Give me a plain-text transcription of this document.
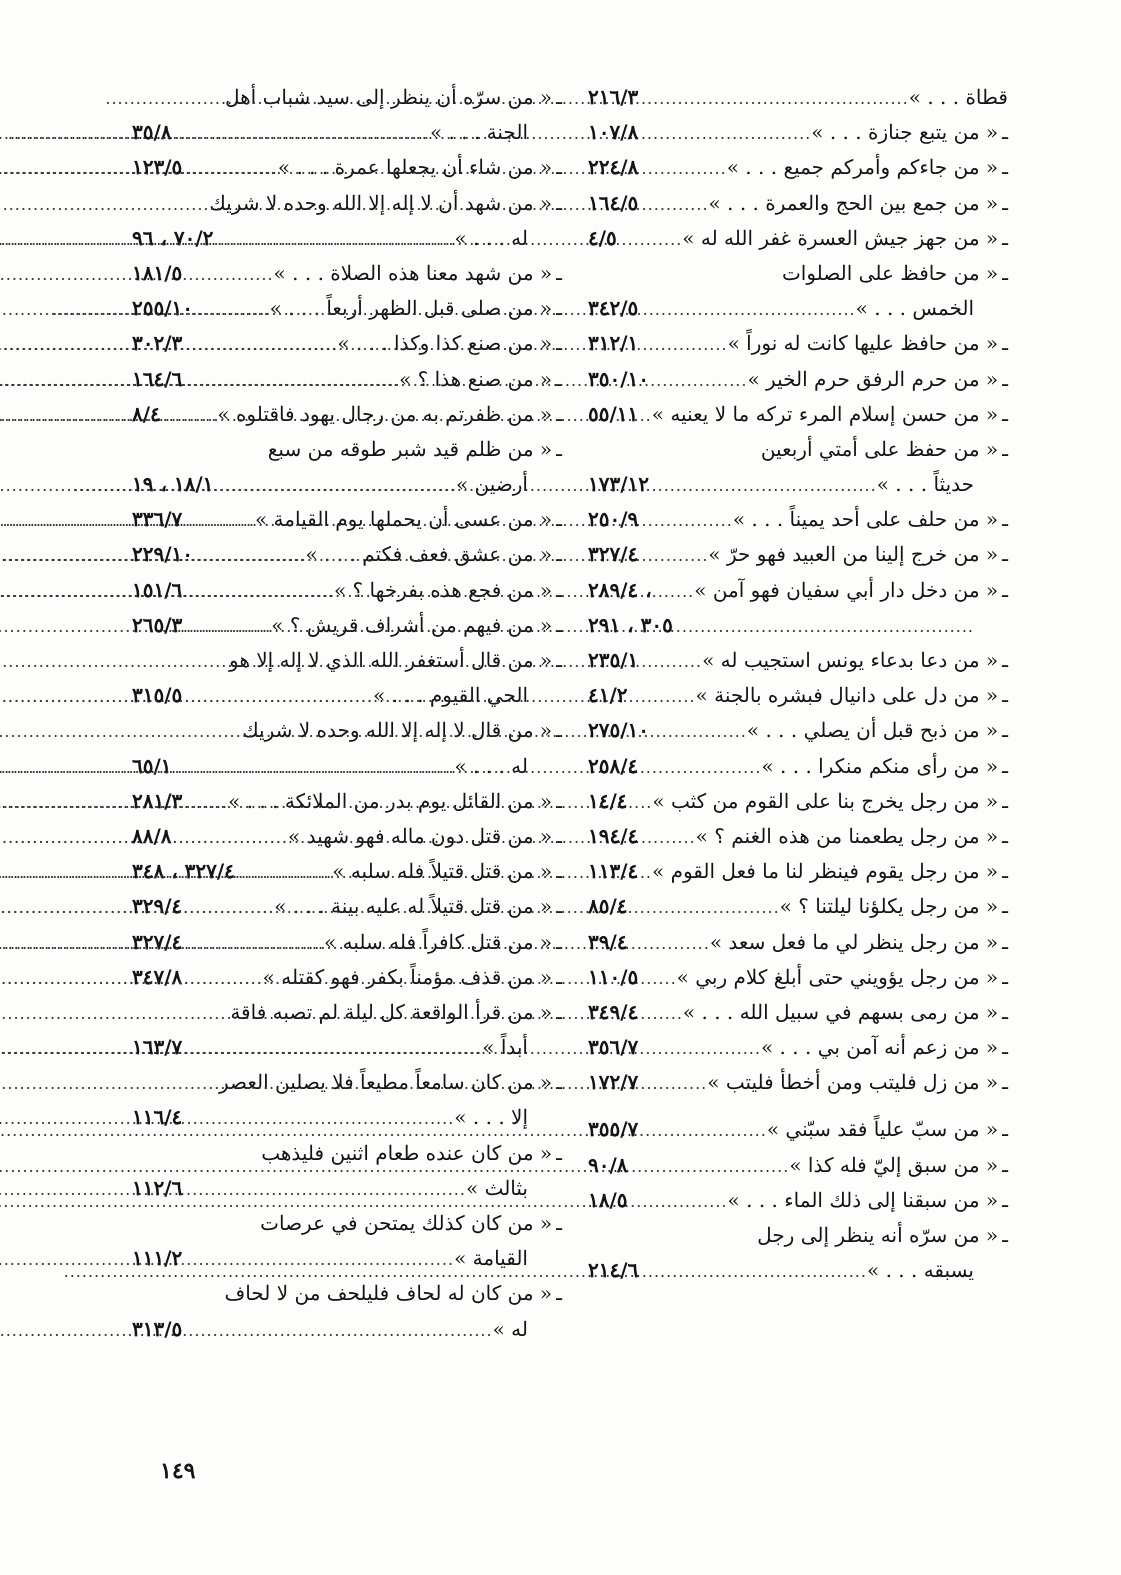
ـ
« من سرّه أن ينظر إلى سيد شباب أهل
الجنة . . . »
.....
٣٥/٨
ـ
« من شاء أن يجعلها عمرة . . . »
.....
١٢٣/٥
ـ
« من شهد أن لا إله إلا الله وحده لا شريك
له . . . »
.....
٧٠/٢ ، ٩٦
ـ
« من شهد معنا هذه الصلاة . . . »
.....
١٨١/٥
ـ
« من صلى قبل الظهر أربعاً . . . »
.....
٢٥٥/١٠
ـ
« من صنع كذا وكذا . . . »
.....
٣٠٢/٣
ـ
« من صنع هذا ؟ »
.....
١٦٤/٦
ـ
« من ظفرتم به من رجال يهود فاقتلوه »
.....
٨/٤
ـ
« من ظلم قيد شبر طوقه من سبع
أرضين »
.....
١٨/١ ، ١٩
ـ
« من عسى أن يحملها يوم القيامة »
.....
٣٣٦/٧
ـ
« من عشق فعف فكتم . . . »
.....
٢٢٩/١٠
ـ
« من فجع هذه بفرخها ؟ »
.....
١٥١/٦
ـ
« من فيهم من أشراف قريش ؟ »
.....
٢٦٥/٣
ـ
« من قال أستغفر الله الذي لا إله إلا هو
الحي القيوم . . . »
.....
٣١٥/٥
ـ
« من قال لا إله إلا الله وحده لا شريك
له . . . »
.....
٦٥/١
ـ
« من القائل يوم بدر من الملائكة . . . »
.....
٢٨١/٣
ـ
« من قتل دون ماله فهو شهيد »
.....
٨٨/٨
ـ
« من قتل قتيلاً فله سلبه »
.....
٣٢٧/٤ ، ٣٤٨
ـ
« من قتل قتيلاً له عليه بينة . . . »
.....
٣٢٩/٤
ـ
« من قتل كافراً فله سلبه »
.....
٣٢٧/٤
ـ
« من قذف مؤمناً بكفر فهو كقتله »
.....
٣٤٧/٨
ـ
« من قرأ الواقعة كل ليلة لم تصبه فاقة
أبداً »
.....
١٦٣/٧
ـ
« من كان سامعاً مطيعاً فلا يصلين العصر
إلا . . . »
.....
١١٦/٤
ـ
« من كان عنده طعام اثنين فليذهب
بثالث »
.....
١١٢/٦
ـ
« من كان كذلك يمتحن في عرصات
القيامة »
.....
١١١/٢
ـ
« من كان له لحاف فليلحف من لا لحاف
له »
.....
٣١٣/٥
قطاة . . . »
.....
٢١٦/٣
ـ
« من يتبع جنازة . . . »
.....
١٠٧/٨
ـ
« من جاءكم وأمركم جميع . . . »
.....
٢٢٤/٨
ـ
« من جمع بين الحج والعمرة . . . »
.....
١٦٤/٥
ـ
« من جهز جيش العسرة غفر الله له »
.....
٤/٥
ـ
« من حافظ على الصلوات
الخمس . . . »
.....
٣٤٢/٥
ـ
« من حافظ عليها كانت له نوراً »
.....
٣١٢/١
ـ
« من حرم الرفق حرم الخير »
.....
٣٥٠/١٠
ـ
« من حسن إسلام المرء تركه ما لا يعنيه »
.....
٥٥/١١
ـ
« من حفظ على أمتي أربعين
حديثاً . . . »
.....
١٧٣/١٢
ـ
« من حلف على أحد يميناً . . . »
.....
٢٥٠/٩
ـ
« من خرج إلينا من العبيد فهو حرّ »
.....
٣٢٧/٤
ـ
« من دخل دار أبي سفيان فهو آمن »
.....
٢٨٩/٤ ،
.....
٣٠٥ ، ٢٩١
ـ
« من دعا بدعاء يونس استجيب له »
.....
٢٣٥/١
ـ
« من دل على دانيال فبشره بالجنة »
.....
٤١/٢
ـ
« من ذبح قبل أن يصلي . . . »
.....
٢٧٥/١٠
ـ
« من رأى منكم منكرا . . . »
.....
٢٥٨/٤
ـ
« من رجل يخرج بنا على القوم من كثب »
.....
١٤/٤
ـ
« من رجل يطعمنا من هذه الغنم ؟ »
.....
١٩٤/٤
ـ
« من رجل يقوم فينظر لنا ما فعل القوم »
.....
١١٣/٤
ـ
« من رجل يكلؤنا ليلتنا ؟ »
.....
٨٥/٤
ـ
« من رجل ينظر لي ما فعل سعد »
.....
٣٩/٤
ـ
« من رجل يؤويني حتى أبلغ كلام ربي »
.....
١١٠/٥
ـ
« من رمى بسهم في سبيل الله . . . »
.....
٣٤٩/٤
ـ
« من زعم أنه آمن بي . . . »
.....
٣٥٦/٧
ـ
« من زل فليتب ومن أخطأ فليتب »
.....
١٧٢/٧
ـ
« من سبّ علياً فقد سبّني »
.....
٣٥٥/٧
ـ
« من سبق إليّ فله كذا »
.....
٩٠/٨
ـ
« من سبقنا إلى ذلك الماء . . . »
.....
١٨/٥
ـ
« من سرّه أنه ينظر إلى رجل
يسبقه . . . »
.....
٢١٤/٦
١٤٩
